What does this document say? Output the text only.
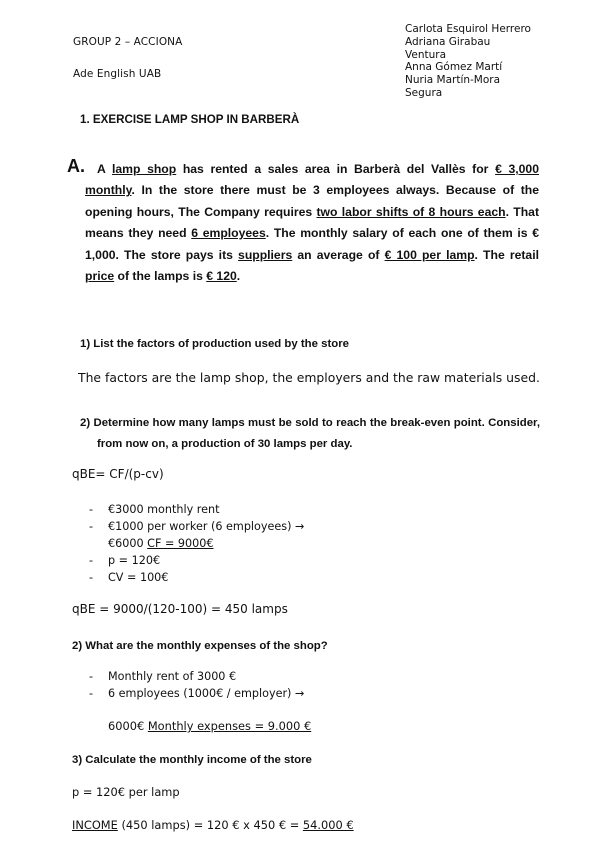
GROUP 2 – ACCIONA
Ade English UAB
Carlota Esquirol Herrero
Adriana Girabau
Ventura
Anna Gómez Martí
Nuria Martín-Mora
Segura
1. EXERCISE LAMP SHOP IN BARBERÀ
A. A lamp shop has rented a sales area in Barberà del Vallès for € 3,000 monthly. In the store there must be 3 employees always. Because of the opening hours, The Company requires two labor shifts of 8 hours each. That means they need 6 employees. The monthly salary of each one of them is € 1,000. The store pays its suppliers an average of € 100 per lamp. The retail price of the lamps is € 120.
1) List the factors of production used by the store
The factors are the lamp shop, the employers and the raw materials used.
2) Determine how many lamps must be sold to reach the break-even point. Consider, from now on, a production of 30 lamps per day.
qBE= CF/(p-cv)
- €3000 monthly rent
- €1000 per worker (6 employees) →
€6000 CF = 9000€
- p = 120€
- CV = 100€
qBE = 9000/(120-100) = 450 lamps
2) What are the monthly expenses of the shop?
- Monthly rent of 3000 €
- 6 employees (1000€ / employer) →
6000€ Monthly expenses = 9.000 €
3) Calculate the monthly income of the store
p = 120€ per lamp
INCOME (450 lamps) = 120 € x 450 € = 54.000 €
